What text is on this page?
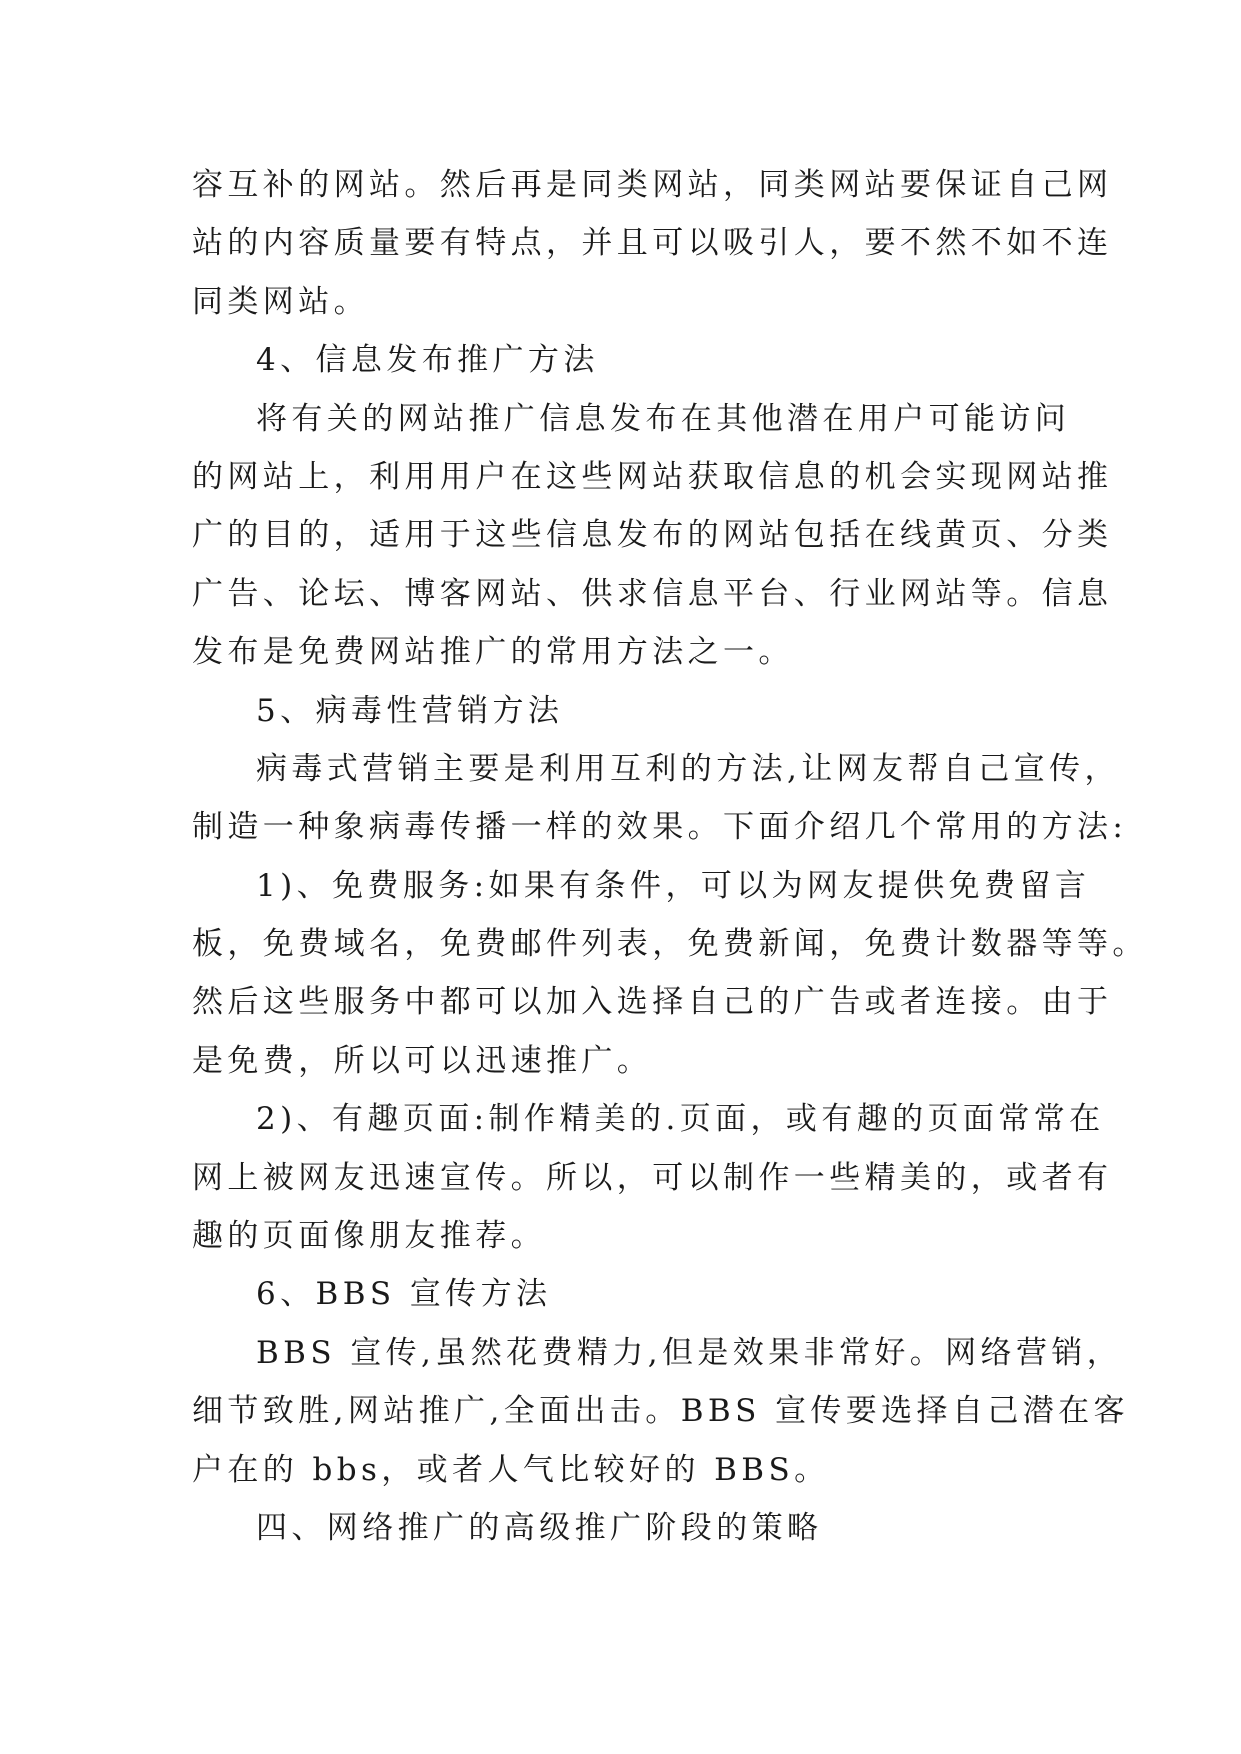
容互补的网站。然后再是同类网站，同类网站要保证自己网
站的内容质量要有特点，并且可以吸引人，要不然不如不连
同类网站。
4、信息发布推广方法
将有关的网站推广信息发布在其他潜在用户可能访问
的网站上，利用用户在这些网站获取信息的机会实现网站推
广的目的，适用于这些信息发布的网站包括在线黄页、分类
广告、论坛、博客网站、供求信息平台、行业网站等。信息
发布是免费网站推广的常用方法之一。
5、病毒性营销方法
病毒式营销主要是利用互利的方法,让网友帮自己宣传，
制造一种象病毒传播一样的效果。下面介绍几个常用的方法:
1)、免费服务:如果有条件，可以为网友提供免费留言
板，免费域名，免费邮件列表，免费新闻，免费计数器等等。
然后这些服务中都可以加入选择自己的广告或者连接。由于
是免费，所以可以迅速推广。
2)、有趣页面:制作精美的.页面，或有趣的页面常常在
网上被网友迅速宣传。所以，可以制作一些精美的，或者有
趣的页面像朋友推荐。
6、BBS 宣传方法
BBS 宣传,虽然花费精力,但是效果非常好。网络营销，
细节致胜,网站推广,全面出击。BBS 宣传要选择自己潜在客
户在的 bbs，或者人气比较好的 BBS。
四、网络推广的高级推广阶段的策略
